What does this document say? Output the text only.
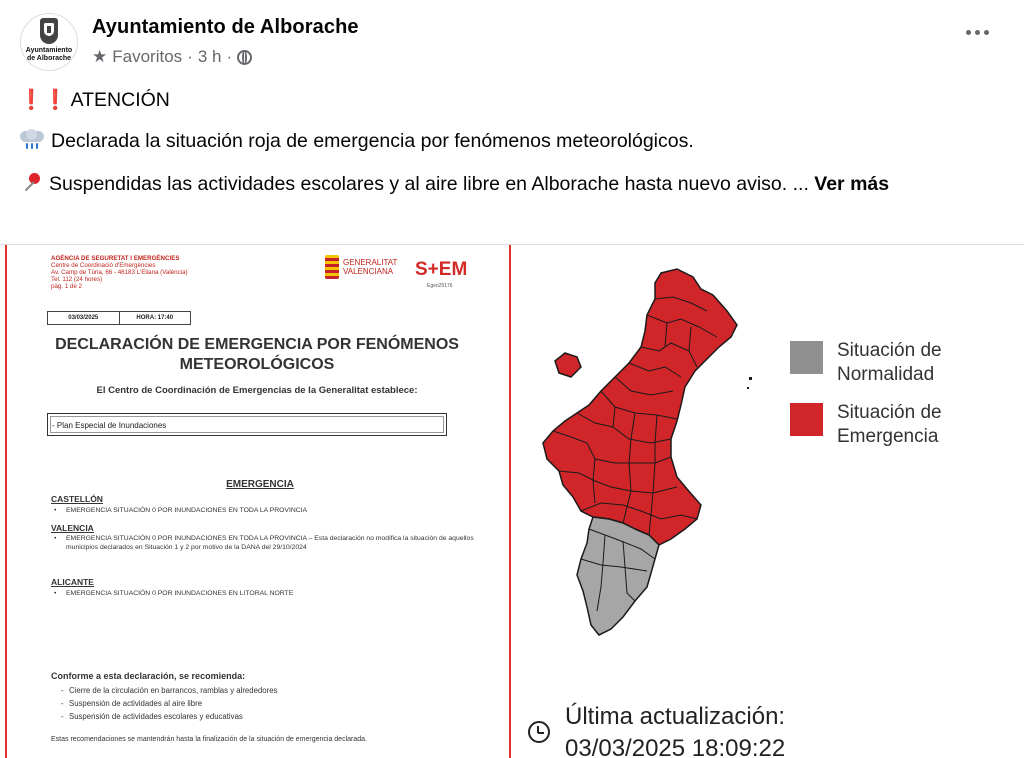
Ayuntamiento
de Alborache
Ayuntamiento de Alborache
★ Favoritos · 3 h ·
❗❗ ATENCIÓN
Declarada la situación roja de emergencia por fenómenos meteorológicos.
Suspendidas las actividades escolares y al aire libre en Alborache hasta nuevo aviso. ... Ver más
AGÈNCIA DE SEGURETAT I EMERGÈNCIES
Centre de Coordinació d'Emergències
Av. Camp de Túria, 66 - 46183 L'Eliana (València)
Tel. 112 (24 hores)
pàg. 1 de 2
GENERALITAT
VALENCIANA S+EM
Egen25176
03/03/2025	HORA: 17:40
DECLARACIÓN DE EMERGENCIA POR FENÓMENOS
METEOROLÓGICOS
El Centro de Coordinación de Emergencias de la Generalitat establece:
- Plan Especial de Inundaciones
EMERGENCIA
CASTELLÓN
• EMERGENCIA SITUACIÓN 0 POR INUNDACIONES EN TODA LA PROVINCIA
VALENCIA
• EMERGENCIA SITUACIÓN 0 POR INUNDACIONES EN TODA LA PROVINCIA – Esta declaración no modifica la situación de aquellos municipios declarados en Situación 1 y 2 por motivo de la DANA del 29/10/2024
ALICANTE
• EMERGENCIA SITUACIÓN 0 POR INUNDACIONES EN LITORAL NORTE
Conforme a esta declaración, se recomienda:
- Cierre de la circulación en barrancos, ramblas y alrededores
- Suspensión de actividades al aire libre
- Suspensión de actividades escolares y educativas
Estas recomendaciones se mantendrán hasta la finalización de la situación de emergencia declarada.
Situación de
Normalidad
Situación de
Emergencia
Última actualización:
03/03/2025 18:09:22
